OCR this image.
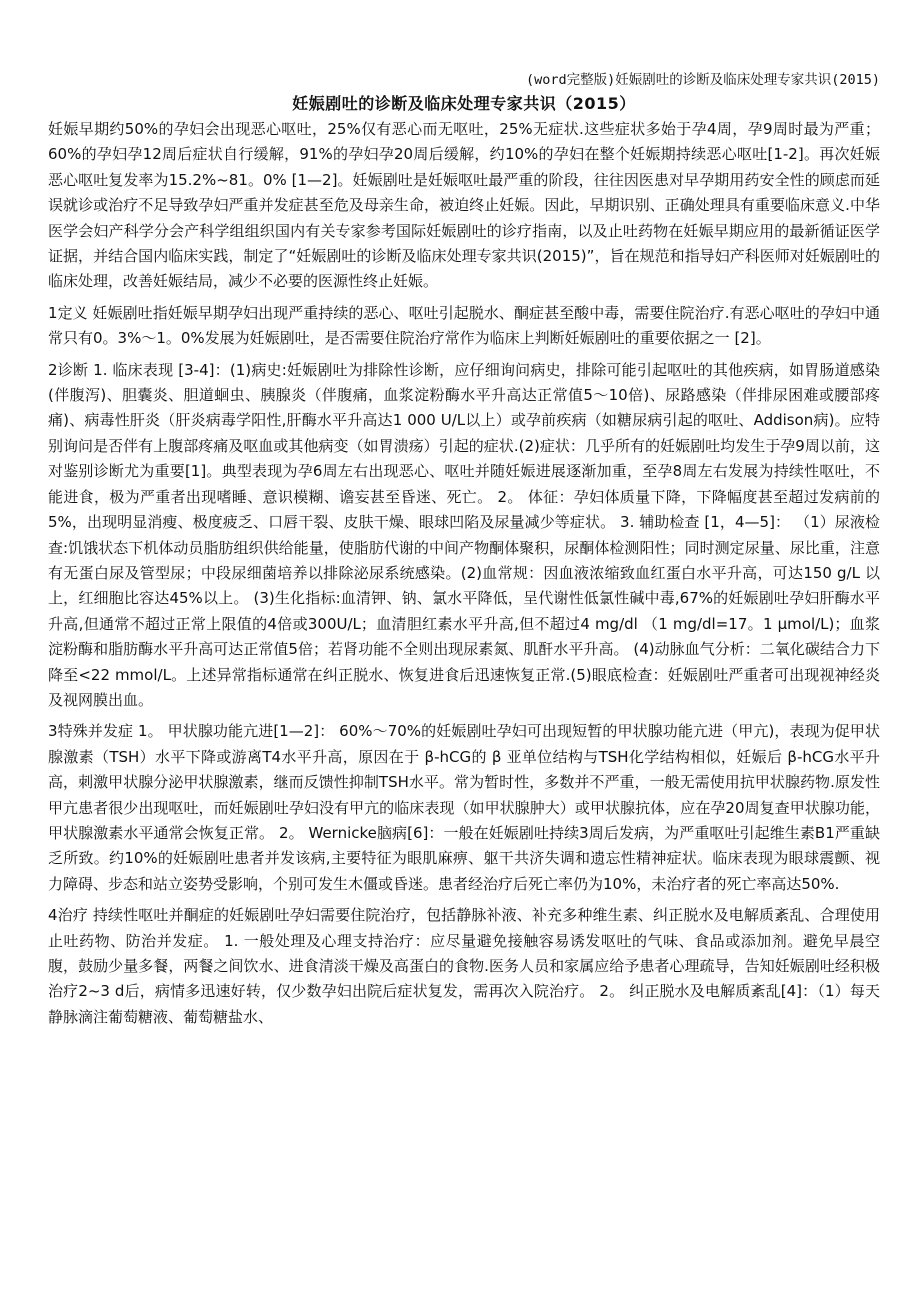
(word完整版)妊娠剧吐的诊断及临床处理专家共识(2015)
妊娠剧吐的诊断及临床处理专家共识（2015）

妊娠早期约50%的孕妇会出现恶心呕吐，25%仅有恶心而无呕吐，25%无症状.这些症状多始于孕4周，孕9周时最为严重；60%的孕妇孕12周后症状自行缓解，91%的孕妇孕20周后缓解，约10%的孕妇在整个妊娠期持续恶心呕吐[1-2]。再次妊娠恶心呕吐复发率为15.2%~81。0% [1—2]。妊娠剧吐是妊娠呕吐最严重的阶段，往往因医患对早孕期用药安全性的顾虑而延误就诊或治疗不足导致孕妇严重并发症甚至危及母亲生命，被迫终止妊娠。因此，早期识别、正确处理具有重要临床意义.中华医学会妇产科学分会产科学组组织国内有关专家参考国际妊娠剧吐的诊疗指南，以及止吐药物在妊娠早期应用的最新循证医学证据，并结合国内临床实践，制定了“妊娠剧吐的诊断及临床处理专家共识(2015)”，旨在规范和指导妇产科医师对妊娠剧吐的临床处理，改善妊娠结局，减少不必要的医源性终止妊娠。

1定义 妊娠剧吐指妊娠早期孕妇出现严重持续的恶心、呕吐引起脱水、酮症甚至酸中毒，需要住院治疗.有恶心呕吐的孕妇中通常只有0。3%～1。0%发展为妊娠剧吐，是否需要住院治疗常作为临床上判断妊娠剧吐的重要依据之一 [2]。

2诊断 1. 临床表现 [3-4]：(1)病史:妊娠剧吐为排除性诊断，应仔细询问病史，排除可能引起呕吐的其他疾病，如胃肠道感染(伴腹泻)、胆囊炎、胆道蛔虫、胰腺炎（伴腹痛，血浆淀粉酶水平升高达正常值5～10倍)、尿路感染（伴排尿困难或腰部疼痛)、病毒性肝炎（肝炎病毒学阳性,肝酶水平升高达1 000 U/L以上）或孕前疾病（如糖尿病引起的呕吐、Addison病)。应特别询问是否伴有上腹部疼痛及呕血或其他病变（如胃溃疡）引起的症状.(2)症状：几乎所有的妊娠剧吐均发生于孕9周以前，这对鉴别诊断尤为重要[1]。典型表现为孕6周左右出现恶心、呕吐并随妊娠进展逐渐加重，至孕8周左右发展为持续性呕吐，不能进食，极为严重者出现嗜睡、意识模糊、谵妄甚至昏迷、死亡。 2。 体征：孕妇体质量下降，下降幅度甚至超过发病前的5%，出现明显消瘦、极度疲乏、口唇干裂、皮肤干燥、眼球凹陷及尿量减少等症状。 3. 辅助检查 [1，4—5]： （1）尿液检查:饥饿状态下机体动员脂肪组织供给能量，使脂肪代谢的中间产物酮体聚积，尿酮体检测阳性；同时测定尿量、尿比重，注意有无蛋白尿及管型尿；中段尿细菌培养以排除泌尿系统感染。(2)血常规：因血液浓缩致血红蛋白水平升高，可达150 g/L 以上，红细胞比容达45%以上。 (3)生化指标:血清钾、钠、氯水平降低，呈代谢性低氯性碱中毒,67%的妊娠剧吐孕妇肝酶水平升高,但通常不超过正常上限值的4倍或300U/L；血清胆红素水平升高,但不超过4 mg/dl （1 mg/dl=17。1 μmol/L)；血浆淀粉酶和脂肪酶水平升高可达正常值5倍；若肾功能不全则出现尿素氮、肌酐水平升高。 (4)动脉血气分析：二氧化碳结合力下降至<22 mmol/L。上述异常指标通常在纠正脱水、恢复进食后迅速恢复正常.(5)眼底检查：妊娠剧吐严重者可出现视神经炎及视网膜出血。

3特殊并发症 1。 甲状腺功能亢进[1—2]： 60%～70%的妊娠剧吐孕妇可出现短暂的甲状腺功能亢进（甲亢)，表现为促甲状腺激素（TSH）水平下降或游离T4水平升高，原因在于 β-hCG的 β 亚单位结构与TSH化学结构相似，妊娠后 β-hCG水平升高，刺激甲状腺分泌甲状腺激素，继而反馈性抑制TSH水平。常为暂时性，多数并不严重，一般无需使用抗甲状腺药物.原发性甲亢患者很少出现呕吐，而妊娠剧吐孕妇没有甲亢的临床表现（如甲状腺肿大）或甲状腺抗体，应在孕20周复查甲状腺功能，甲状腺激素水平通常会恢复正常。 2。 Wernicke脑病[6]：一般在妊娠剧吐持续3周后发病，为严重呕吐引起维生素B1严重缺乏所致。约10%的妊娠剧吐患者并发该病,主要特征为眼肌麻痹、躯干共济失调和遗忘性精神症状。临床表现为眼球震颤、视力障碍、步态和站立姿势受影响，个别可发生木僵或昏迷。患者经治疗后死亡率仍为10%，未治疗者的死亡率高达50%.

4治疗 持续性呕吐并酮症的妊娠剧吐孕妇需要住院治疗，包括静脉补液、补充多种维生素、纠正脱水及电解质紊乱、合理使用止吐药物、防治并发症。 1. 一般处理及心理支持治疗：应尽量避免接触容易诱发呕吐的气味、食品或添加剂。避免早晨空腹，鼓励少量多餐，两餐之间饮水、进食清淡干燥及高蛋白的食物.医务人员和家属应给予患者心理疏导，告知妊娠剧吐经积极治疗2~3 d后，病情多迅速好转，仅少数孕妇出院后症状复发，需再次入院治疗。 2。 纠正脱水及电解质紊乱[4]：（1）每天静脉滴注葡萄糖液、葡萄糖盐水、
